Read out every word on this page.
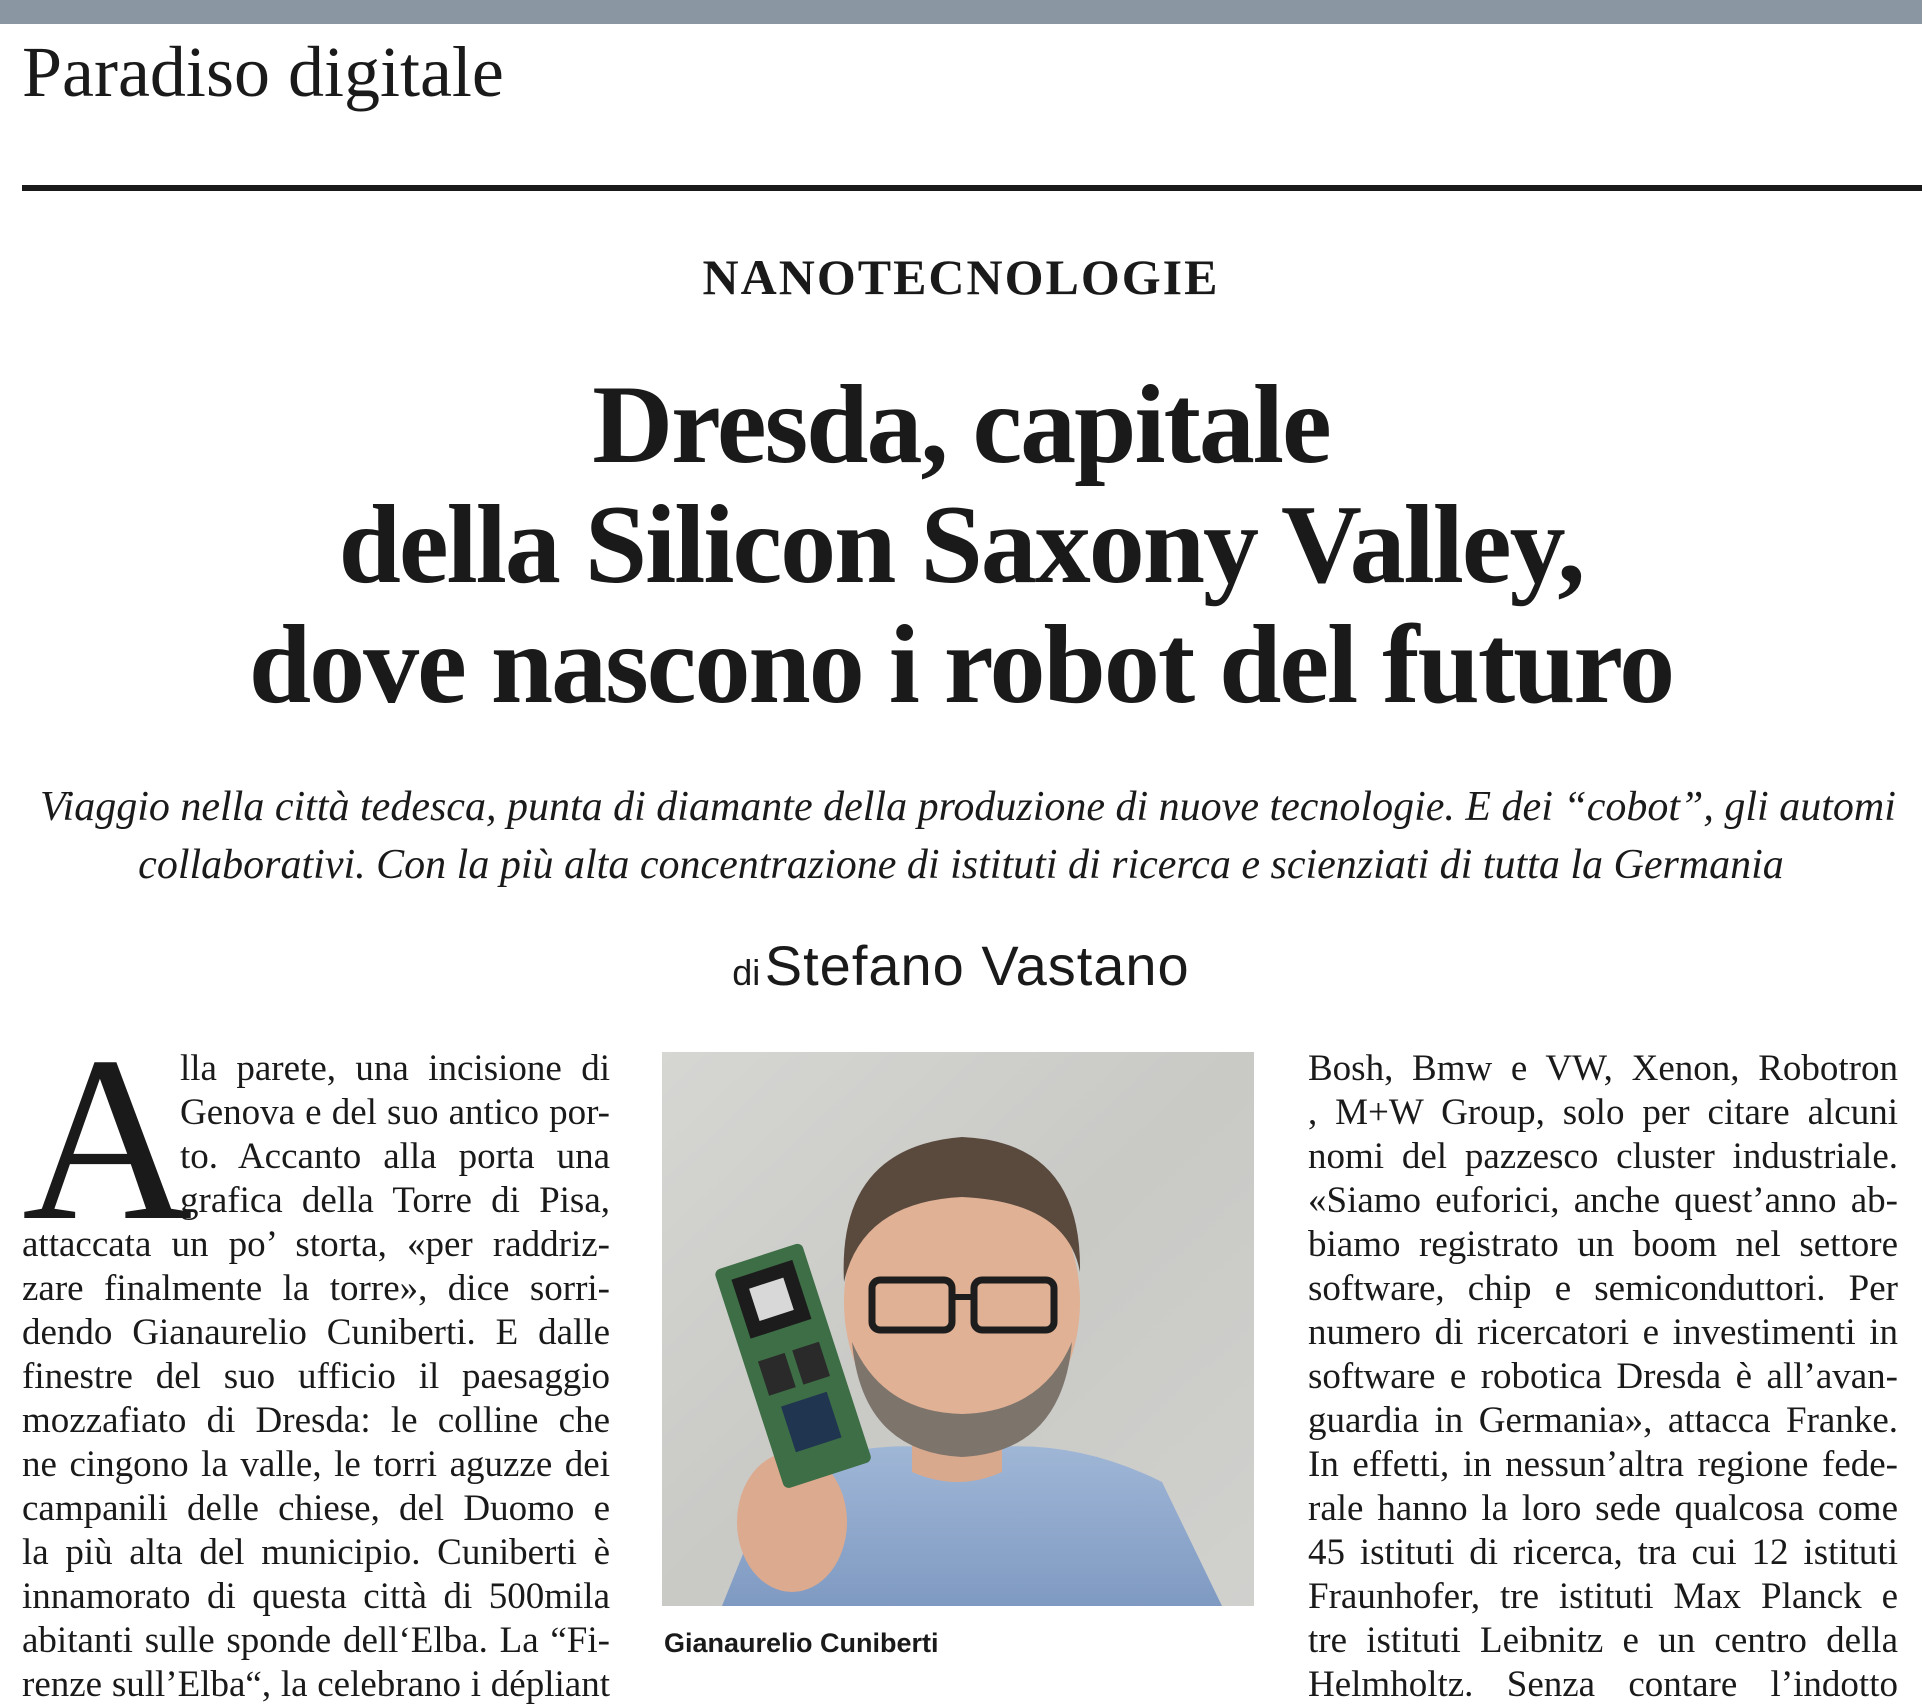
Paradiso digitale
NANOTECNOLOGIE
Dresda, capitale
della Silicon Saxony Valley,
dove nascono i robot del futuro
Viaggio nella città tedesca, punta di diamante della produzione di nuove tecnologie. E dei “cobot”, gli automi
collaborativi. Con la più alta concentrazione di istituti di ricerca e scienziati di tutta la Germania
di Stefano Vastano
A
lla parete, una incisione di
Genova e del suo antico por-
to. Accanto alla porta una
grafica della Torre di Pisa,
attaccata un po’ storta, «per raddriz-
zare finalmente la torre», dice sorri-
dendo Gianaurelio Cuniberti. E dalle
finestre del suo ufficio il paesaggio
mozzafiato di Dresda: le colline che
ne cingono la valle, le torri aguzze dei
campanili delle chiese, del Duomo e
la più alta del municipio. Cuniberti è
innamorato di questa città di 500mila
abitanti sulle sponde dell‘Elba. La “Fi-
renze sull’Elba“, la celebrano i dépliant
Gianaurelio Cuniberti
Bosh, Bmw e VW, Xenon, Robotron
, M+W Group, solo per citare alcuni
nomi del pazzesco cluster industriale.
«Siamo euforici, anche quest’anno ab-
biamo registrato un boom nel settore
software, chip e semiconduttori. Per
numero di ricercatori e investimenti in
software e robotica Dresda è all’avan-
guardia in Germania», attacca Franke.
In effetti, in nessun’altra regione fede-
rale hanno la loro sede qualcosa come
45 istituti di ricerca, tra cui 12 istituti
Fraunhofer, tre istituti Max Planck e
tre istituti Leibnitz e un centro della
Helmholtz. Senza contare l’indotto
